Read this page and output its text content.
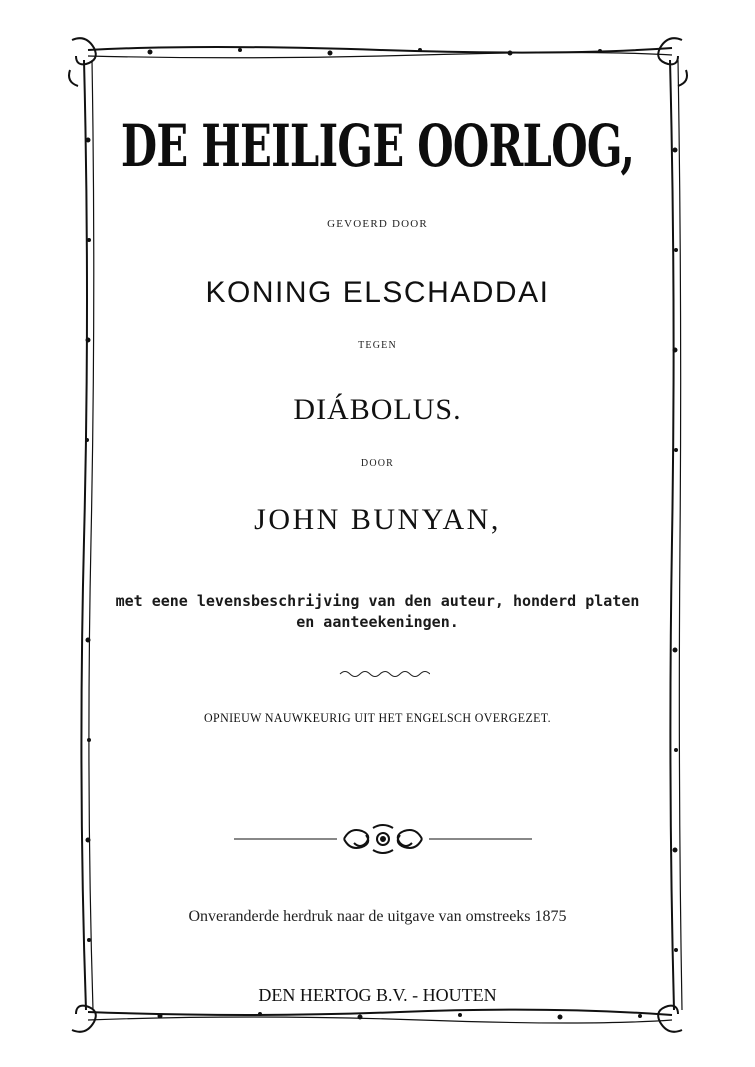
DE HEILIGE OORLOG,
GEVOERD DOOR
KONING ELSCHADDAI
TEGEN
DIÁBOLUS.
DOOR
JOHN BUNYAN,
met eene levensbeschrijving van den auteur, honderd platen
en aanteekeningen.
OPNIEUW NAUWKEURIG UIT HET ENGELSCH OVERGEZET.
Onveranderde herdruk naar de uitgave van omstreeks 1875
DEN HERTOG B.V. - HOUTEN
